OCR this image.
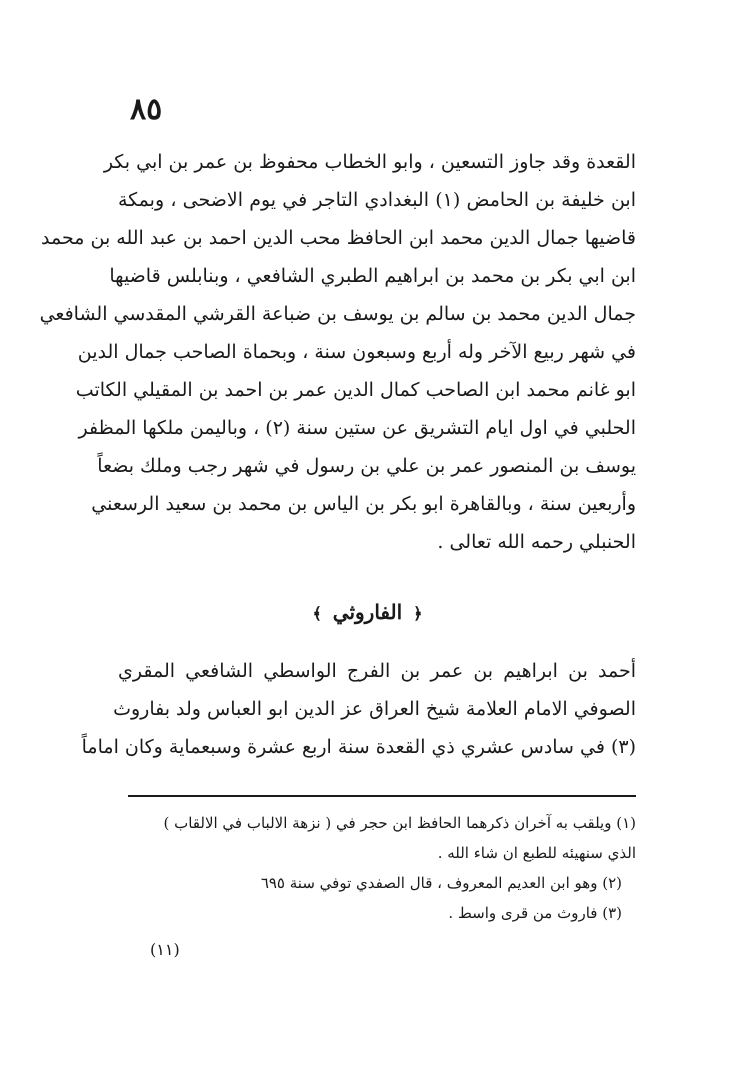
٨٥
القعدة وقد جاوز التسعين ، وابو الخطاب محفوظ بن عمر بن ابي بكر
ابن خليفة بن الحامض (١) البغدادي التاجر في يوم الاضحى ، وبمكة
قاضيها جمال الدين محمد ابن الحافظ محب الدين احمد بن عبد الله بن محمد
ابن ابي بكر بن محمد بن ابراهيم الطبري الشافعي ، وبنابلس قاضيها
جمال الدين محمد بن سالم بن يوسف بن ضباعة القرشي المقدسي الشافعي
في شهر ربيع الآخر وله أربع وسبعون سنة ، وبحماة الصاحب جمال الدين
ابو غانم محمد ابن الصاحب كمال الدين عمر بن احمد بن المقيلي الكاتب
الحلبي في اول ايام التشريق عن ستين سنة (٢) ، وباليمن ملكها المظفر
يوسف بن المنصور عمر بن علي بن رسول في شهر رجب وملك بضعاً
وأربعين سنة ، وبالقاهرة ابو بكر بن الياس بن محمد بن سعيد الرسعني
الحنبلي رحمه الله تعالى .
﴿ الفاروثي ﴾
أحمد بن ابراهيم بن عمر بن الفرج الواسطي الشافعي المقري
الصوفي الامام العلامة شيخ العراق عز الدين ابو العباس ولد بفاروث
(٣) في سادس عشري ذي القعدة سنة اربع عشرة وسبعماية وكان اماماً
(١) ويلقب به آخران ذكرهما الحافظ ابن حجر في ( نزهة الالباب في الالقاب )
الذي سنهيئه للطبع ان شاء الله .
(٢) وهو ابن العديم المعروف ، قال الصفدي توفي سنة ٦٩٥
(٣) فاروث من قرى واسط .
(١١)
